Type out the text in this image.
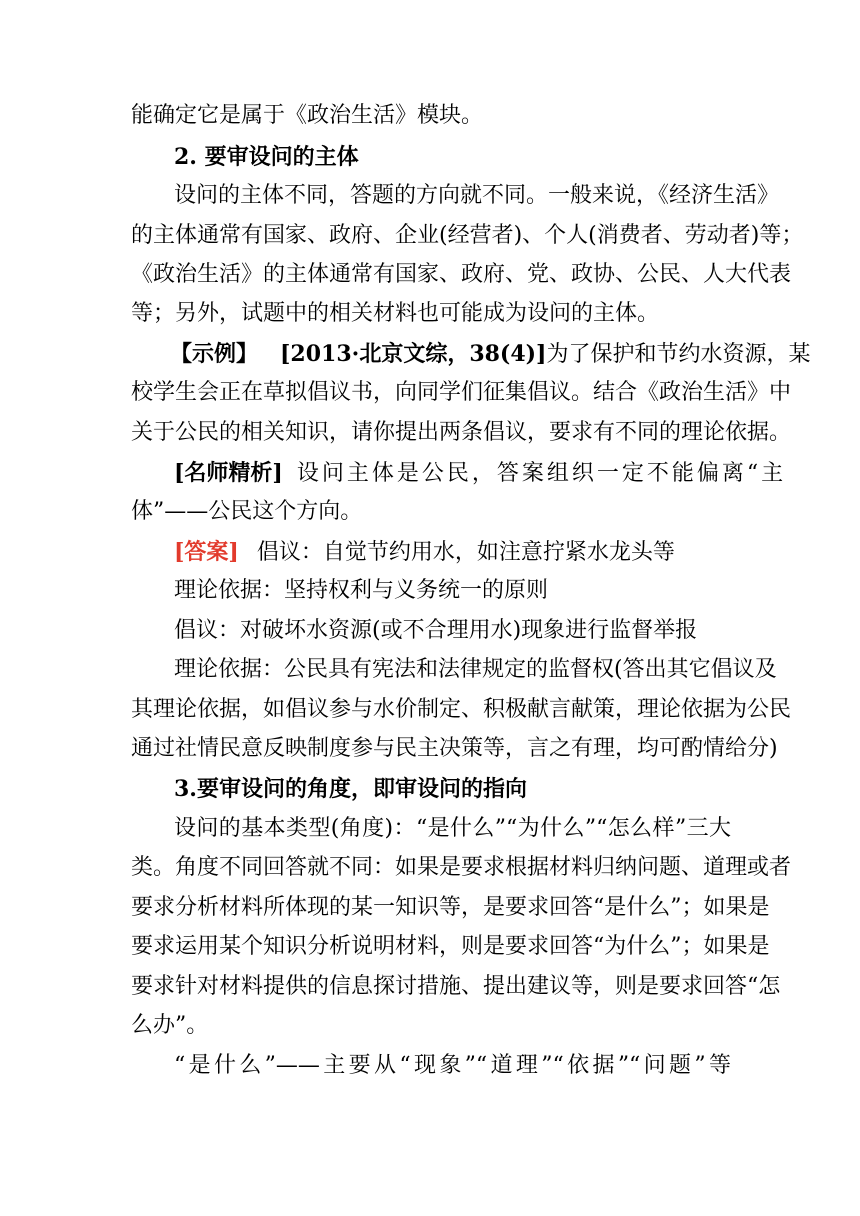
能确定它是属于《政治生活》模块。
2. 要审设问的主体
设问的主体不同，答题的方向就不同。一般来说，《经济生活》
的主体通常有国家、政府、企业(经营者)、个人(消费者、劳动者)等；
《政治生活》的主体通常有国家、政府、党、政协、公民、人大代表
等；另外，试题中的相关材料也可能成为设问的主体。
【示例】 [2013·北京文综，38(4)]为了保护和节约水资源，某
校学生会正在草拟倡议书，向同学们征集倡议。结合《政治生活》中
关于公民的相关知识，请你提出两条倡议，要求有不同的理论依据。
[名师精析] 设问主体是公民，答案组织一定不能偏离“主
体”——公民这个方向。
[答案] 倡议：自觉节约用水，如注意拧紧水龙头等
理论依据：坚持权利与义务统一的原则
倡议：对破坏水资源(或不合理用水)现象进行监督举报
理论依据：公民具有宪法和法律规定的监督权(答出其它倡议及
其理论依据，如倡议参与水价制定、积极献言献策，理论依据为公民
通过社情民意反映制度参与民主决策等，言之有理，均可酌情给分)
3.要审设问的角度，即审设问的指向
设问的基本类型(角度)：“是什么”“为什么”“怎么样”三大
类。角度不同回答就不同：如果是要求根据材料归纳问题、道理或者
要求分析材料所体现的某一知识等，是要求回答“是什么”；如果是
要求运用某个知识分析说明材料，则是要求回答“为什么”；如果是
要求针对材料提供的信息探讨措施、提出建议等，则是要求回答“怎
么办”。
“是什么”——主要从“现象”“道理”“依据”“问题”等
